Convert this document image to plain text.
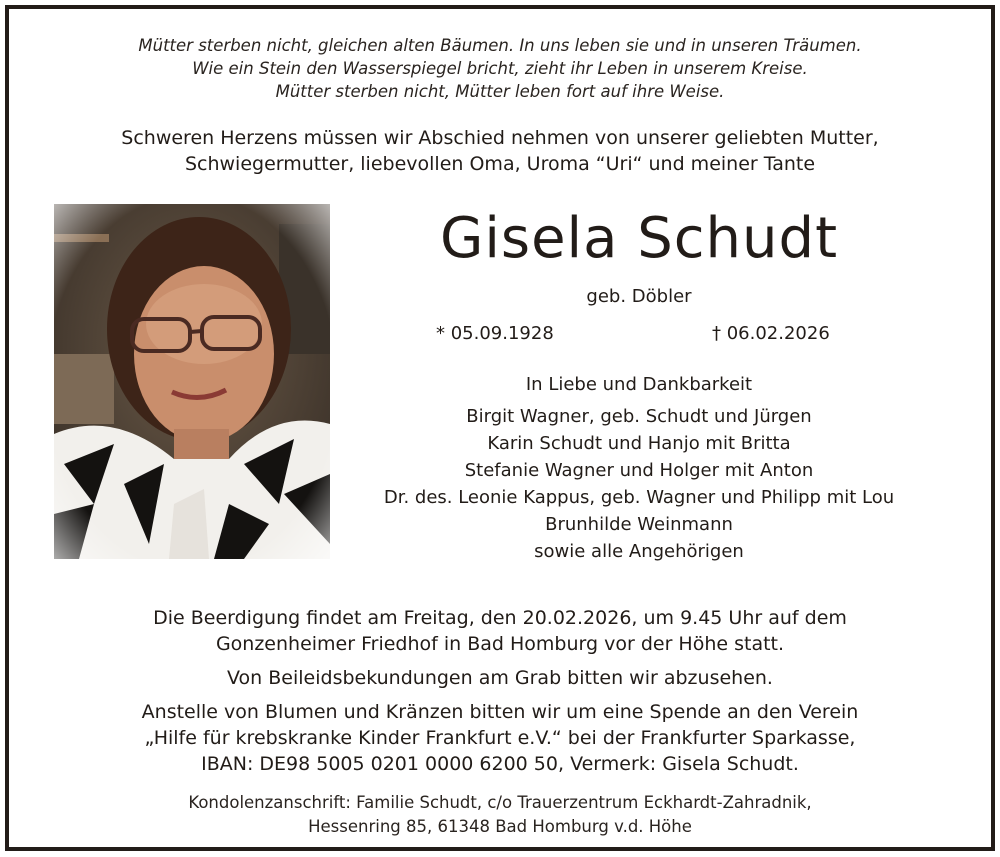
Mütter sterben nicht, gleichen alten Bäumen. In uns leben sie und in unseren Träumen.
Wie ein Stein den Wasserspiegel bricht, zieht ihr Leben in unserem Kreise.
Mütter sterben nicht, Mütter leben fort auf ihre Weise.
Schweren Herzens müssen wir Abschied nehmen von unserer geliebten Mutter,
Schwiegermutter, liebevollen Oma, Uroma “Uri“ und meiner Tante
Gisela Schudt
geb. Döbler
* 05.09.1928	† 06.02.2026
In Liebe und Dankbarkeit
Birgit Wagner, geb. Schudt und Jürgen
Karin Schudt und Hanjo mit Britta
Stefanie Wagner und Holger mit Anton
Dr. des. Leonie Kappus, geb. Wagner und Philipp mit Lou
Brunhilde Weinmann
sowie alle Angehörigen
Die Beerdigung findet am Freitag, den 20.02.2026, um 9.45 Uhr auf dem
Gonzenheimer Friedhof in Bad Homburg vor der Höhe statt.
Von Beileidsbekundungen am Grab bitten wir abzusehen.
Anstelle von Blumen und Kränzen bitten wir um eine Spende an den Verein
„Hilfe für krebskranke Kinder Frankfurt e.V.“ bei der Frankfurter Sparkasse,
IBAN: DE98 5005 0201 0000 6200 50, Vermerk: Gisela Schudt.
Kondolenzanschrift: Familie Schudt, c/o Trauerzentrum Eckhardt-Zahradnik,
Hessenring 85, 61348 Bad Homburg v.d. Höhe
